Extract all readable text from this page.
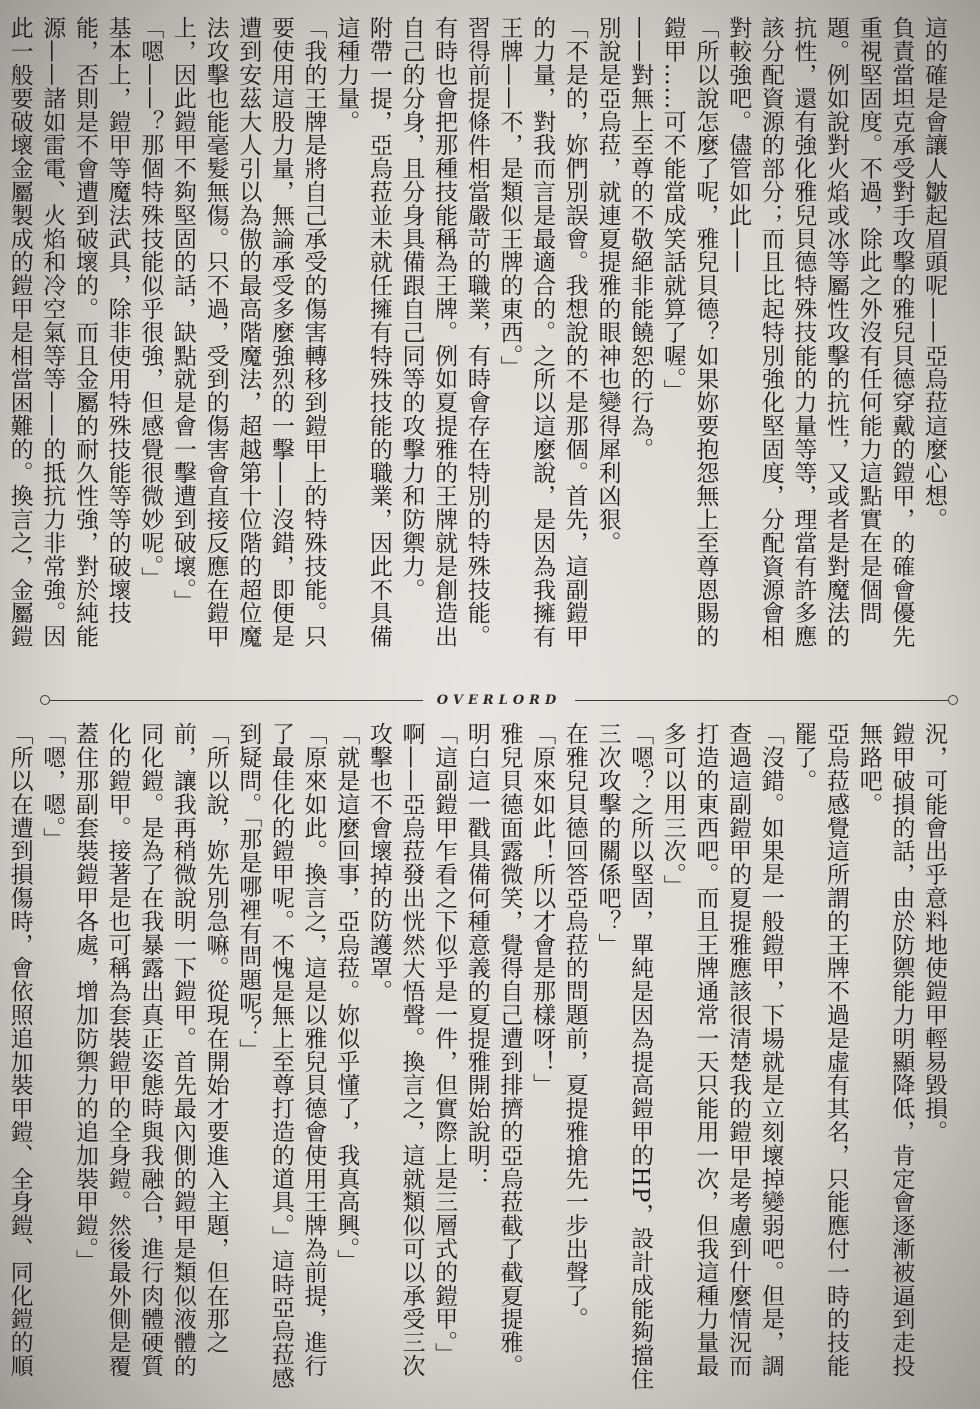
這的確是會讓人皺起眉頭呢——亞烏菈這麼心想。

負責當坦克承受對手攻擊的雅兒貝德穿戴的鎧甲，的確會優先重視堅固度。不過，除此之外沒有任何能力這點實在是個問題。例如說對火焰或冰等屬性攻擊的抗性，又或者是對魔法的抗性，還有強化雅兒貝德特殊技能的力量等等，理當有許多應該分配資源的部分；而且比起特別強化堅固度，分配資源會相對較強吧。儘管如此——

「所以說怎麼了呢，雅兒貝德？如果妳要抱怨無上至尊恩賜的鎧甲……可不能當成笑話就算了喔。」

——對無上至尊的不敬絕非能饒恕的行為。

別說是亞烏菈，就連夏提雅的眼神也變得犀利凶狠。

「不是的，妳們別誤會。我想說的不是那個。首先，這副鎧甲的力量，對我而言是最適合的。之所以這麼說，是因為我擁有王牌——不，是類似王牌的東西。」

習得前提條件相當嚴苛的職業，有時會存在特別的特殊技能。有時也會把那種技能稱為王牌。例如夏提雅的王牌就是創造出自己的分身，且分身具備跟自己同等的攻擊力和防禦力。

附帶一提，亞烏菈並未就任擁有特殊技能的職業，因此不具備這種力量。

「我的王牌是將自己承受的傷害轉移到鎧甲上的特殊技能。只要使用這股力量，無論承受多麼強烈的一擊——沒錯，即便是遭到安茲大人引以為傲的最高階魔法，超越第十位階的超位魔法攻擊也能毫髮無傷。只不過，受到的傷害會直接反應在鎧甲上，因此鎧甲不夠堅固的話，缺點就是會一擊遭到破壞。」

「嗯——？那個特殊技能似乎很強，但感覺很微妙呢。」

基本上，鎧甲等魔法武具，除非使用特殊技能等等的破壞技能，否則是不會遭到破壞的。而且金屬的耐久性強，對於純能源——諸如雷電、火焰和冷空氣等等——的抵抗力非常強。因此一般要破壞金屬製成的鎧甲是相當困難的。換言之，金屬鎧

OVERLORD

況，可能會出乎意料地使鎧甲輕易毀損。

鎧甲破損的話，由於防禦能力明顯降低，肯定會逐漸被逼到走投無路吧。

亞烏菈感覺這所謂的王牌不過是虛有其名，只能應付一時的技能罷了。

「沒錯。如果是一般鎧甲，下場就是立刻壞掉變弱吧。但是，調查過這副鎧甲的夏提雅應該很清楚我的鎧甲是考慮到什麼情況而打造的東西吧。而且王牌通常一天只能用一次，但我這種力量最多可以用三次。」

「嗯？之所以堅固，單純是因為提高鎧甲的HP，設計成能夠擋住三次攻擊的關係吧？」

在雅兒貝德回答亞烏菈的問題前，夏提雅搶先一步出聲了。

「原來如此！所以才會是那樣呀！」

雅兒貝德面露微笑，覺得自己遭到排擠的亞烏菈截了截夏提雅。明白這一戳具備何種意義的夏提雅開始說明：

「這副鎧甲乍看之下似乎是一件，但實際上是三層式的鎧甲。」

啊——亞烏菈發出恍然大悟聲。換言之，這就類似可以承受三次攻擊也不會壞掉的防護罩。

「就是這麼回事，亞烏菈。妳似乎懂了，我真高興。」

「原來如此。換言之，這是以雅兒貝德會使用王牌為前提，進行了最佳化的鎧甲呢。不愧是無上至尊打造的道具。」這時亞烏菈感到疑問。「那是哪裡有問題呢？」

「所以說，妳先別急嘛。從現在開始才要進入主題，但在那之前，讓我再稍微說明一下鎧甲。首先最內側的鎧甲是類似液體的同化鎧。是為了在我暴露出真正姿態時與我融合，進行肉體硬質化的鎧甲。接著是也可稱為套裝鎧甲的全身鎧。然後最外側是覆蓋住那副套裝鎧甲各處，增加防禦力的追加裝甲鎧。」

「嗯，嗯。」

「所以在遭到損傷時，會依照追加裝甲鎧、全身鎧、同化鎧的順
